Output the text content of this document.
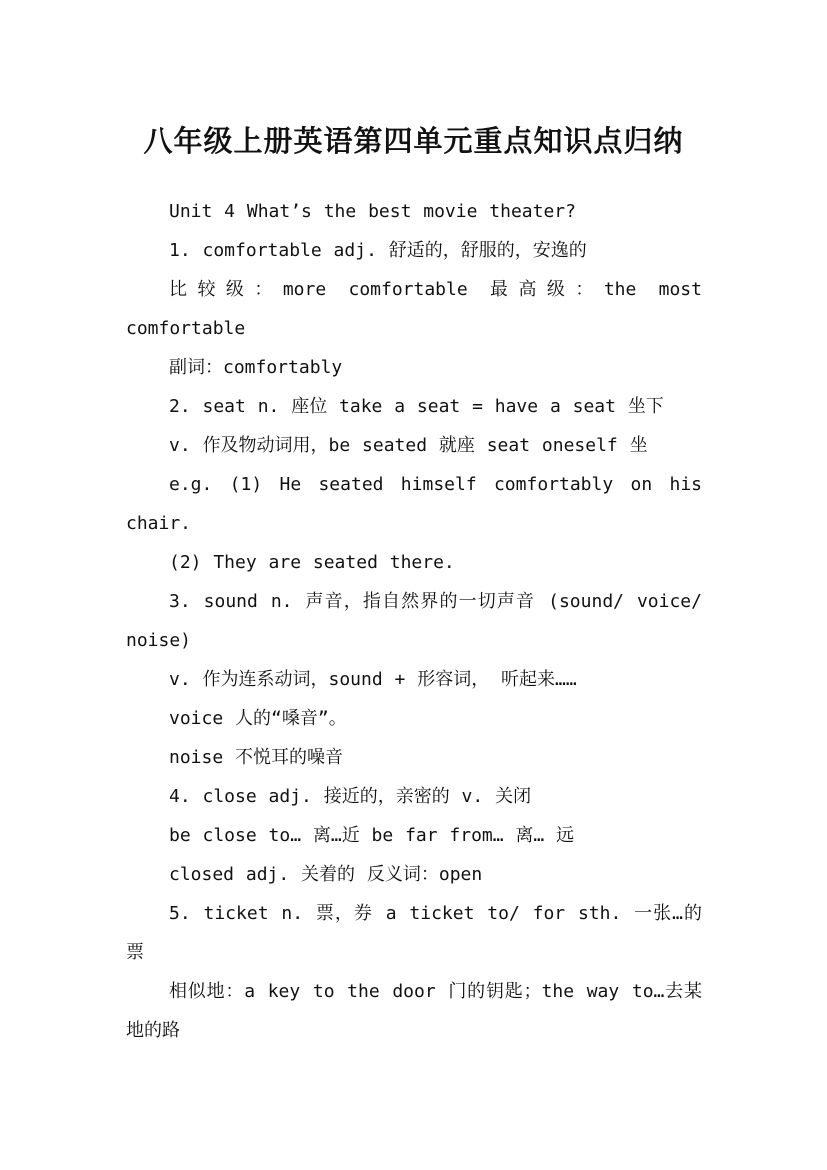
八年级上册英语第四单元重点知识点归纳

Unit 4 What’s the best movie theater?

1. comfortable adj. 舒适的，舒服的，安逸的

比较级：more comfortable 最高级：the most comfortable

副词：comfortably

2. seat n. 座位 take a seat = have a seat 坐下

v. 作及物动词用，be seated 就座 seat oneself 坐

e.g. (1) He seated himself comfortably on his chair.

(2) They are seated there.

3. sound n. 声音，指自然界的一切声音 (sound/ voice/ noise)

v. 作为连系动词，sound + 形容词， 听起来……

voice 人的“嗓音”。

noise 不悦耳的噪音

4. close adj. 接近的，亲密的 v. 关闭

be close to… 离…近 be far from… 离… 远

closed adj. 关着的 反义词：open

5. ticket n. 票，券 a ticket to/ for sth. 一张…的票

相似地：a key to the door 门的钥匙；the way to…去某地的路
